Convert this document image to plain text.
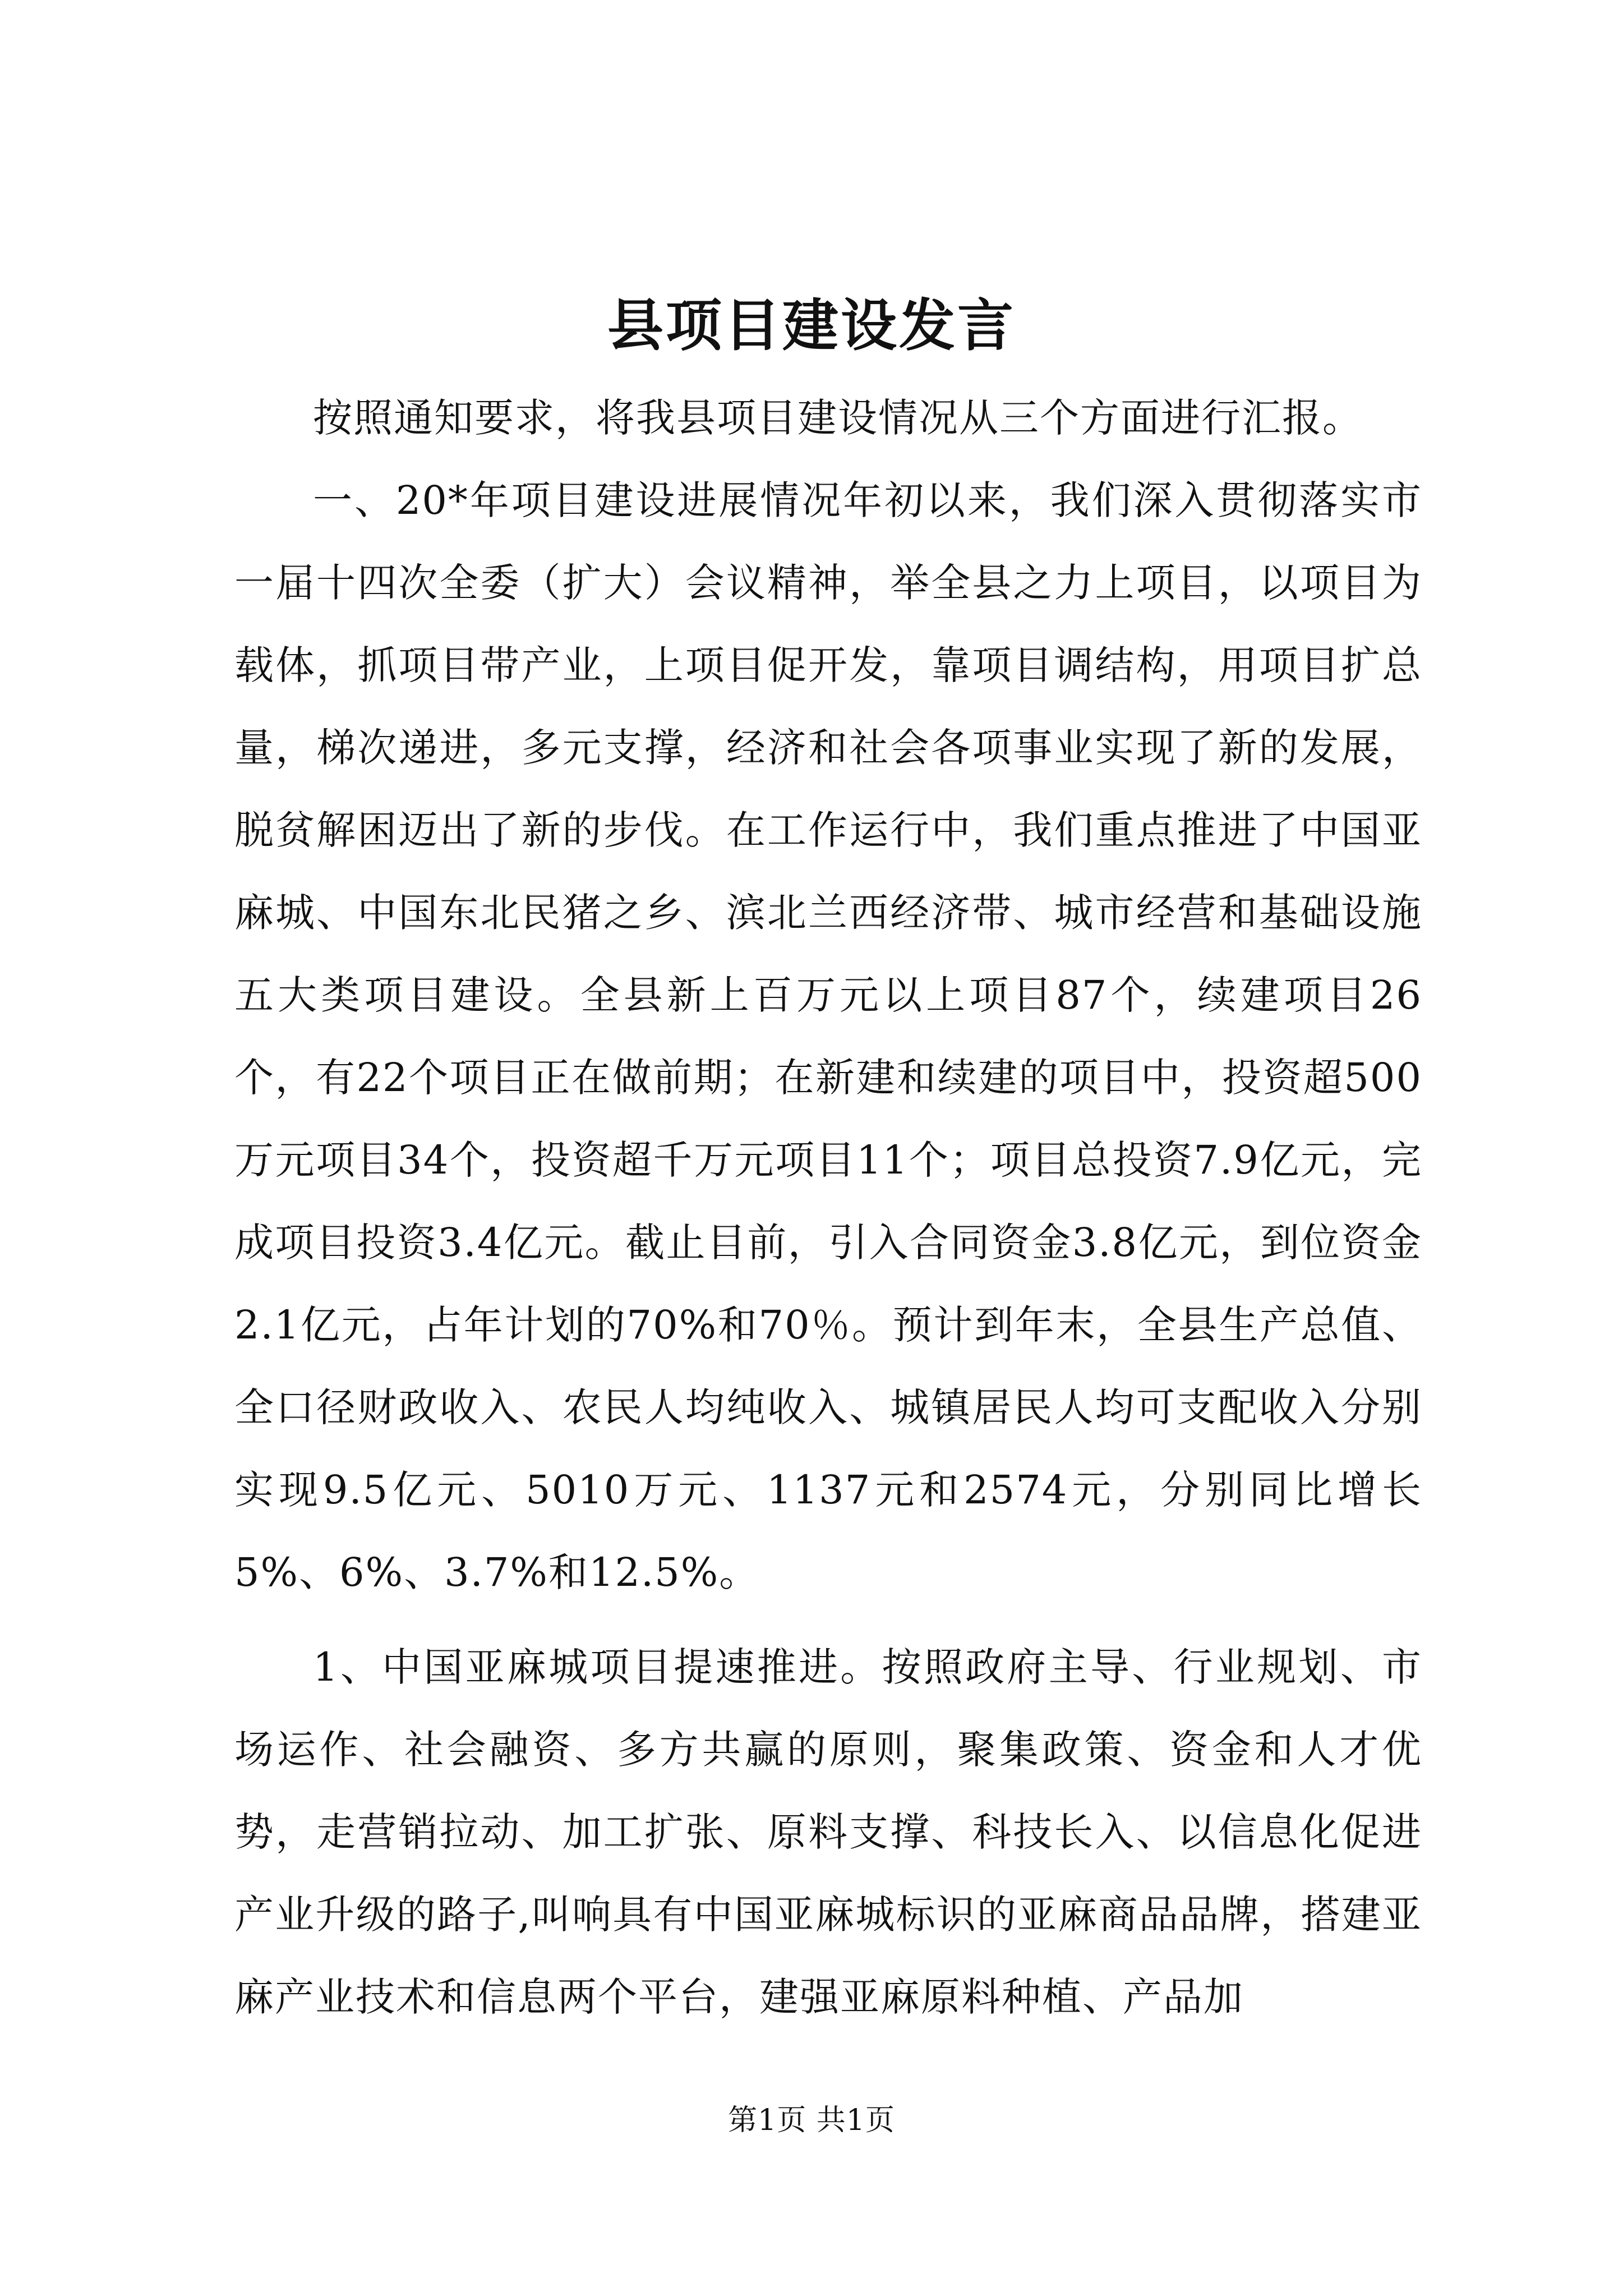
县项目建设发言

按照通知要求，将我县项目建设情况从三个方面进行汇报。

一、20*年项目建设进展情况年初以来，我们深入贯彻落实市一届十四次全委（扩大）会议精神，举全县之力上项目，以项目为载体，抓项目带产业，上项目促开发，靠项目调结构，用项目扩总量，梯次递进，多元支撑，经济和社会各项事业实现了新的发展，脱贫解困迈出了新的步伐。在工作运行中，我们重点推进了中国亚麻城、中国东北民猪之乡、滨北兰西经济带、城市经营和基础设施五大类项目建设。全县新上百万元以上项目87个，续建项目26个，有22个项目正在做前期；在新建和续建的项目中，投资超500万元项目34个，投资超千万元项目11个；项目总投资7.9亿元，完成项目投资3.4亿元。截止目前，引入合同资金3.8亿元，到位资金2.1亿元，占年计划的70%和70％。预计到年末，全县生产总值、全口径财政收入、农民人均纯收入、城镇居民人均可支配收入分别实现9.5亿元、5010万元、1137元和2574元，分别同比增长5%、6%、3.7%和12.5%。

1、中国亚麻城项目提速推进。按照政府主导、行业规划、市场运作、社会融资、多方共赢的原则，聚集政策、资金和人才优势，走营销拉动、加工扩张、原料支撑、科技长入、以信息化促进产业升级的路子,叫响具有中国亚麻城标识的亚麻商品品牌，搭建亚麻产业技术和信息两个平台，建强亚麻原料种植、产品加

第1页 共1页
